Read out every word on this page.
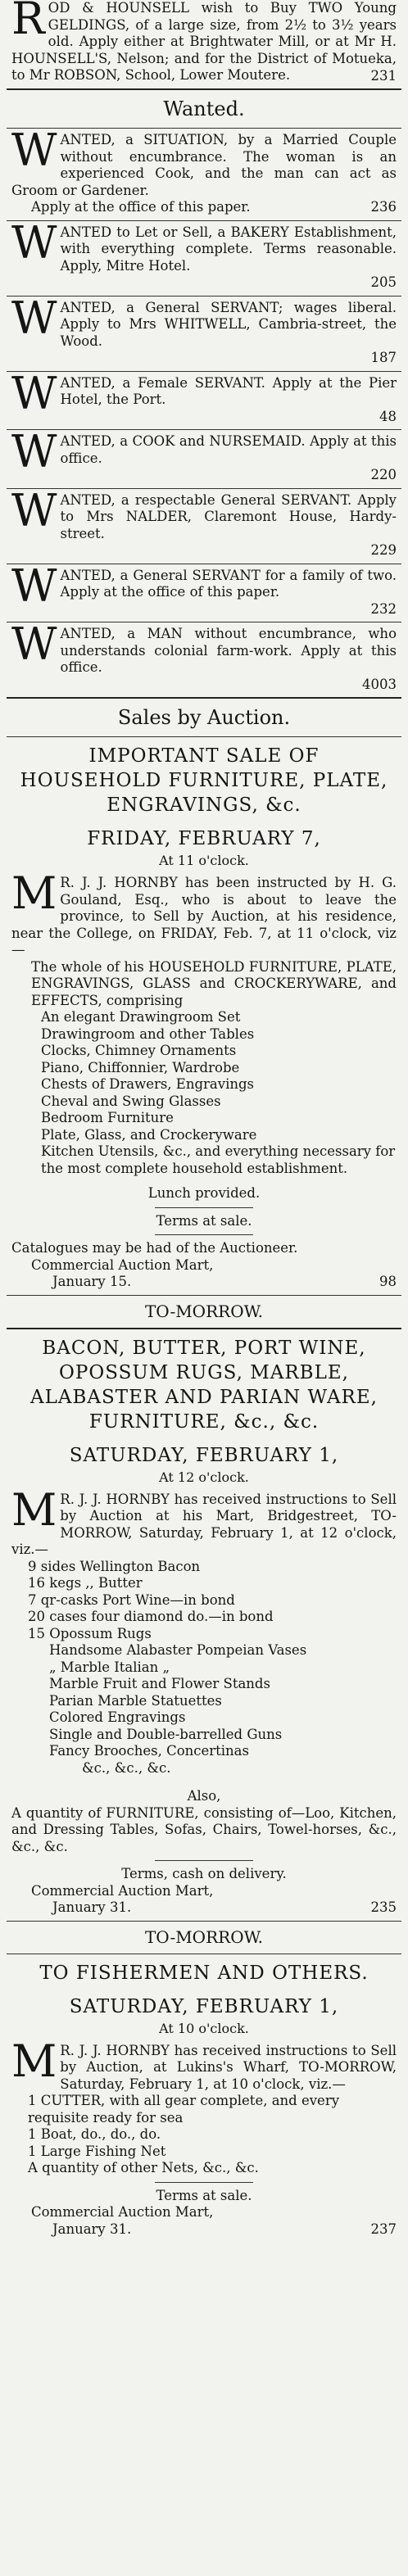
R OD & HOUNSELL wish to Buy TWO Young GELDINGS, of a large size, from 2½ to 3½ years old. Apply either at Brightwater Mill, or at Mr H. HOUNSELL'S, Nelson; and for the District of Motueka, to Mr ROBSON, School, Lower Moutere.	231
Wanted.
W ANTED, a SITUATION, by a Married Couple without encumbrance. The woman is an experienced Cook, and the man can act as Groom or Gardener.

Apply at the office of this paper.	236
W ANTED to Let or Sell, a BAKERY Establishment, with everything complete. Terms reasonable. Apply, Mitre Hotel.

205
W ANTED, a General SERVANT; wages liberal. Apply to Mrs WHITWELL, Cambria-street, the Wood.

187
W ANTED, a Female SERVANT. Apply at the Pier Hotel, the Port.

48
W ANTED, a COOK and NURSEMAID. Apply at this office.

220
W ANTED, a respectable General SERVANT. Apply to Mrs NALDER, Claremont House, Hardy-street.

229
W ANTED, a General SERVANT for a family of two. Apply at the office of this paper.

232
W ANTED, a MAN without encumbrance, who understands colonial farm-work. Apply at this office.

4003
Sales by Auction.
IMPORTANT SALE OF HOUSEHOLD FURNITURE, PLATE, ENGRAVINGS, &c.
FRIDAY, FEBRUARY 7,
At 11 o'clock.
M R. J. J. HORNBY has been instructed by H. G. Gouland, Esq., who is about to leave the province, to Sell by Auction, at his residence, near the College, on FRIDAY, Feb. 7, at 11 o'clock, viz —

The whole of his HOUSEHOLD FURNITURE, PLATE, ENGRAVINGS, GLASS and CROCKERYWARE, and EFFECTS, comprising

An elegant Drawingroom Set
Drawingroom and other Tables
Clocks, Chimney Ornaments
Piano, Chiffonnier, Wardrobe
Chests of Drawers, Engravings
Cheval and Swing Glasses
Bedroom Furniture
Plate, Glass, and Crockeryware
Kitchen Utensils, &c., and everything necessary for the most complete household establishment.
Lunch provided.
Terms at sale.
Catalogues may be had of the Auctioneer.
Commercial Auction Mart,
January 15.	98
TO-MORROW.
BACON, BUTTER, PORT WINE, OPOSSUM RUGS, MARBLE, ALABASTER AND PARIAN WARE, FURNITURE, &c., &c.
SATURDAY, FEBRUARY 1,
At 12 o'clock.
M R. J. J. HORNBY has received instructions to Sell by Auction at his Mart, Bridgestreet, TO-MORROW, Saturday, February 1, at 12 o'clock, viz.—

9 sides Wellington Bacon
16 kegs ,, Butter
7 qr-casks Port Wine—in bond
20 cases four diamond do.—in bond
15 Opossum Rugs
Handsome Alabaster Pompeian Vases
„ Marble Italian „
Marble Fruit and Flower Stands
Parian Marble Statuettes
Colored Engravings
Single and Double-barrelled Guns
Fancy Brooches, Concertinas
&c., &c., &c.
Also,

A quantity of FURNITURE, consisting of—Loo, Kitchen, and Dressing Tables, Sofas, Chairs, Towel-horses, &c., &c., &c.

Terms, cash on delivery.
Commercial Auction Mart,
January 31.	235
TO-MORROW.
TO FISHERMEN AND OTHERS.
SATURDAY, FEBRUARY 1,
At 10 o'clock.
M R. J. J. HORNBY has received instructions to Sell by Auction, at Lukins's Wharf, TO-MORROW, Saturday, February 1, at 10 o'clock, viz.—

1 CUTTER, with all gear complete, and every requisite ready for sea
1 Boat, do., do., do.
1 Large Fishing Net
A quantity of other Nets, &c., &c.
Terms at sale.
Commercial Auction Mart,
January 31.	237
